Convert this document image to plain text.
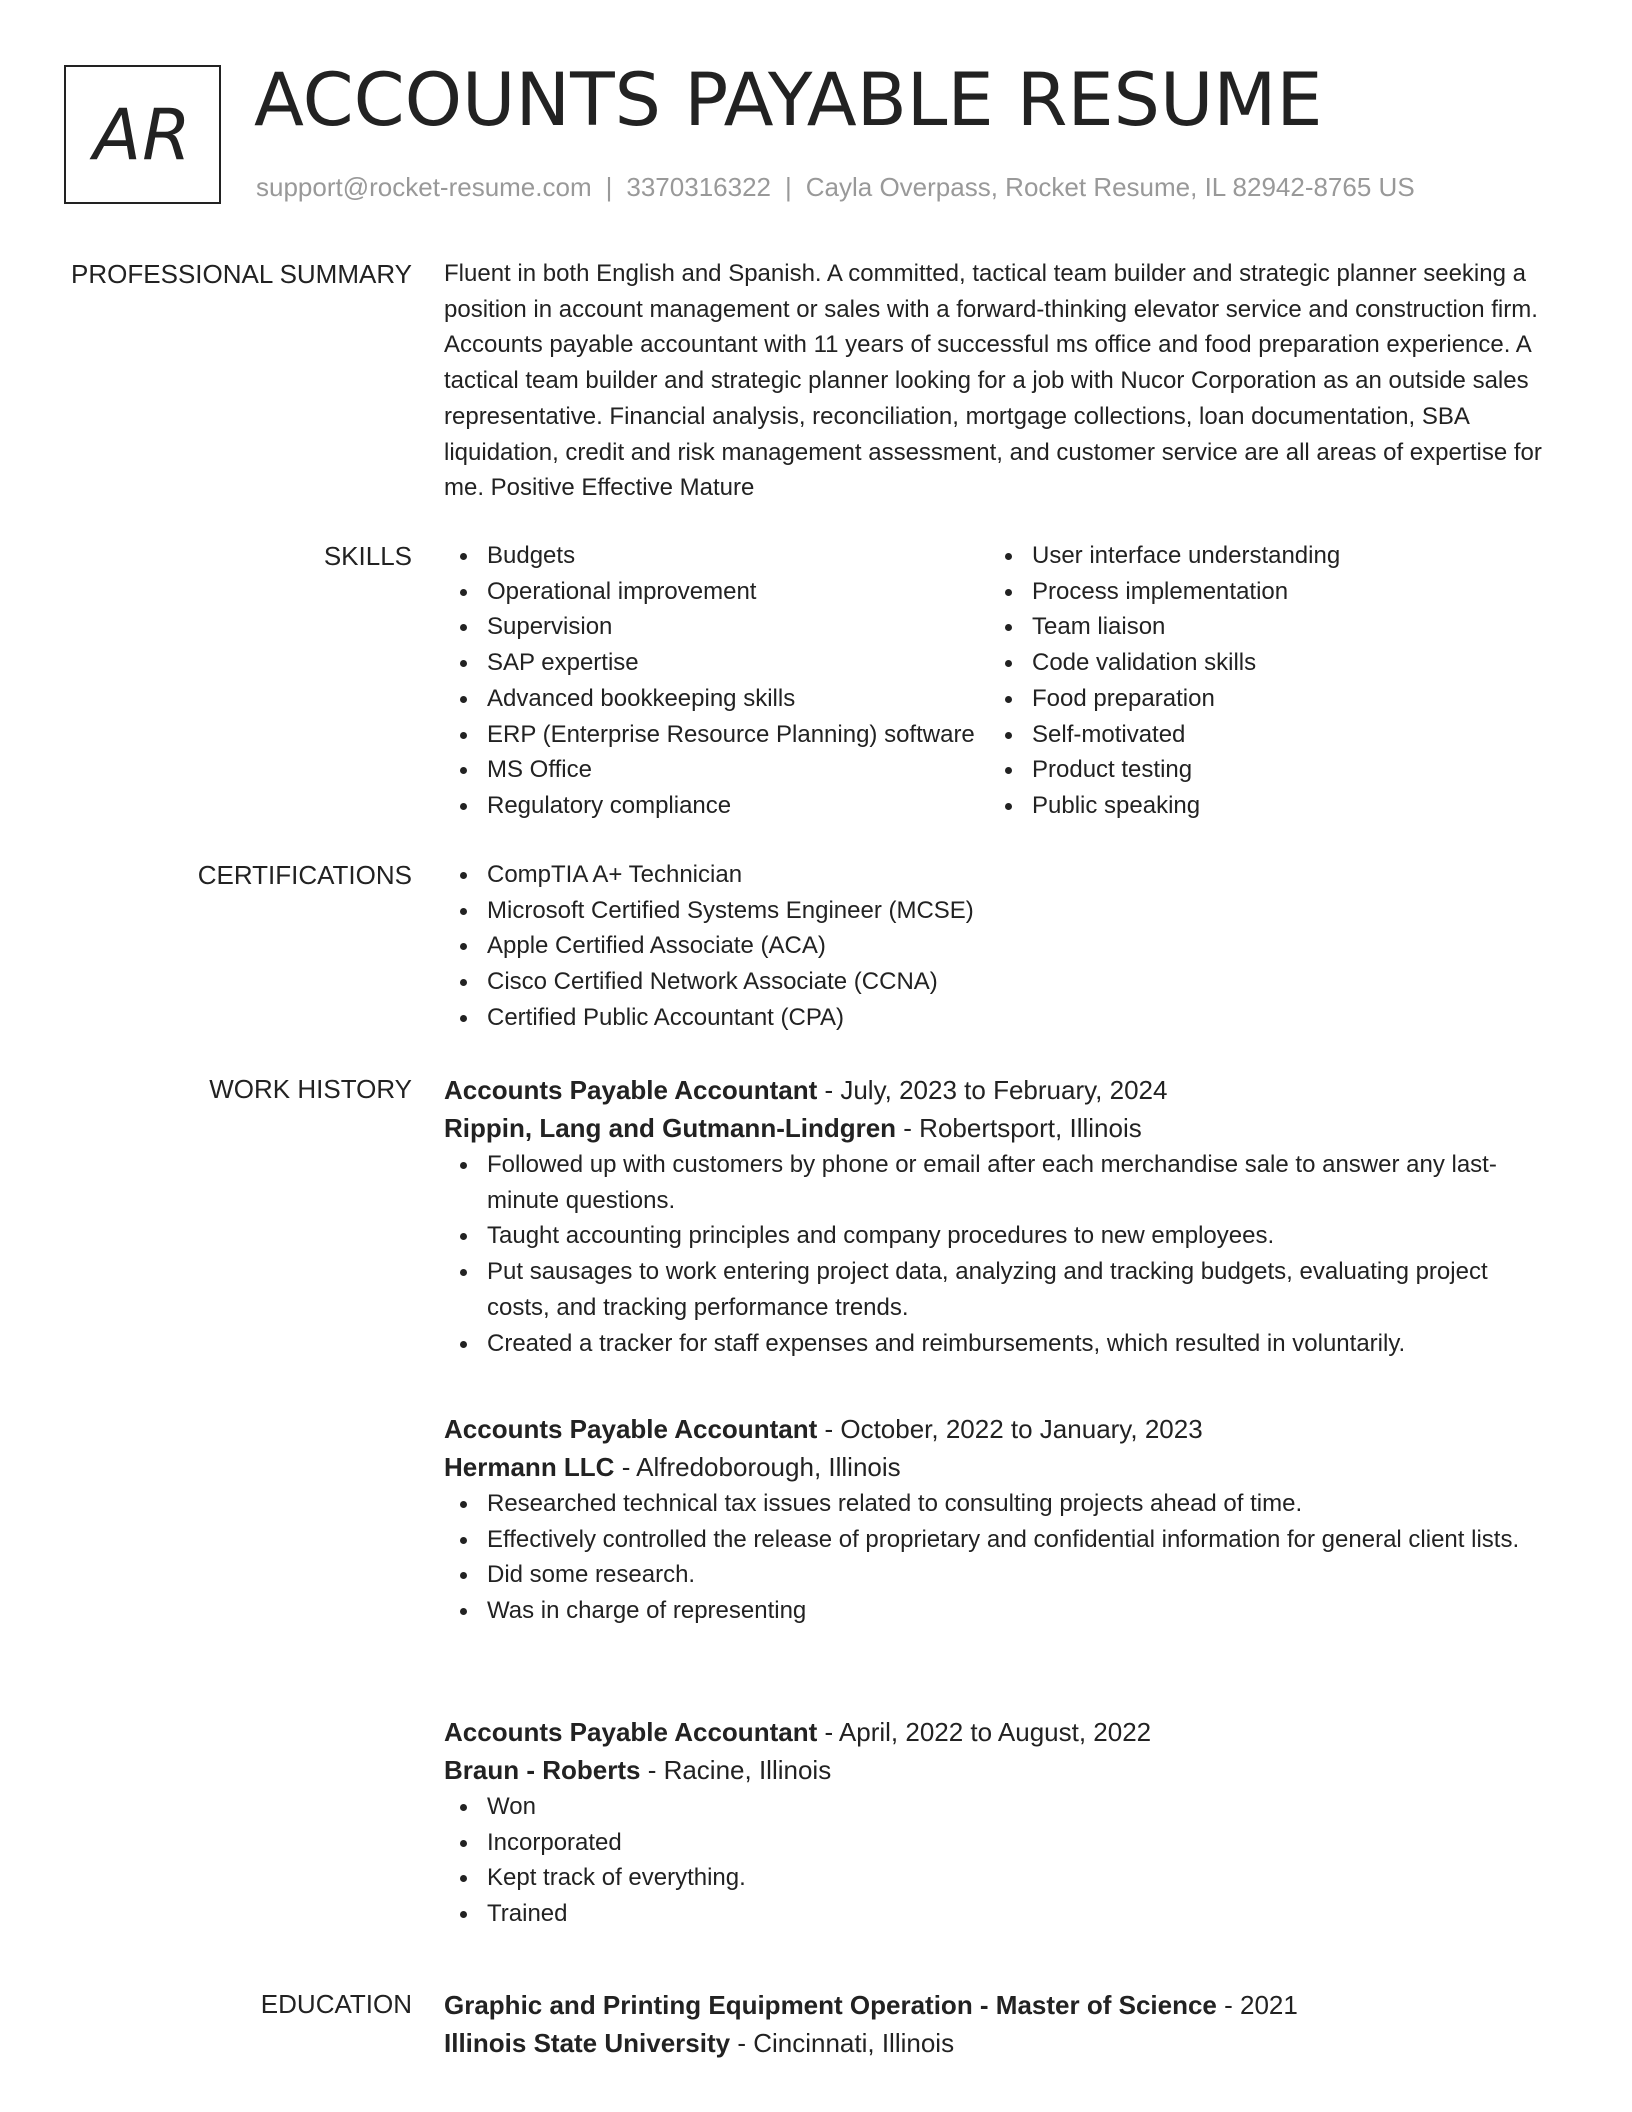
AR ACCOUNTS PAYABLE RESUME
support@rocket-resume.com | 3370316322 | Cayla Overpass, Rocket Resume, IL 82942-8765 US
PROFESSIONAL SUMMARY Fluent in both English and Spanish. A committed, tactical team builder and strategic planner seeking a position in account management or sales with a forward-thinking elevator service and construction firm. Accounts payable accountant with 11 years of successful ms office and food preparation experience. A tactical team builder and strategic planner looking for a job with Nucor Corporation as an outside sales representative. Financial analysis, reconciliation, mortgage collections, loan documentation, SBA liquidation, credit and risk management assessment, and customer service are all areas of expertise for me. Positive Effective Mature
SKILLS	Budgets
Operational improvement
Supervision
SAP expertise
Advanced bookkeeping skills
ERP (Enterprise Resource Planning) software
MS Office
Regulatory compliance
User interface understanding
Process implementation
Team liaison
Code validation skills
Food preparation
Self-motivated
Product testing
Public speaking
CERTIFICATIONS	CompTIA A+ Technician
Microsoft Certified Systems Engineer (MCSE)
Apple Certified Associate (ACA)
Cisco Certified Network Associate (CCNA)
Certified Public Accountant (CPA)
WORK HISTORY Accounts Payable Accountant - July, 2023 to February, 2024
Rippin, Lang and Gutmann-Lindgren - Robertsport, Illinois
Followed up with customers by phone or email after each merchandise sale to answer any last-minute questions.
Taught accounting principles and company procedures to new employees.
Put sausages to work entering project data, analyzing and tracking budgets, evaluating project costs, and tracking performance trends.
Created a tracker for staff expenses and reimbursements, which resulted in voluntarily.
Accounts Payable Accountant - October, 2022 to January, 2023
Hermann LLC - Alfredoborough, Illinois
Researched technical tax issues related to consulting projects ahead of time.
Effectively controlled the release of proprietary and confidential information for general client lists.
Did some research.
Was in charge of representing
Accounts Payable Accountant - April, 2022 to August, 2022
Braun - Roberts - Racine, Illinois
Won
Incorporated
Kept track of everything.
Trained
EDUCATION Graphic and Printing Equipment Operation - Master of Science - 2021
Illinois State University - Cincinnati, Illinois
